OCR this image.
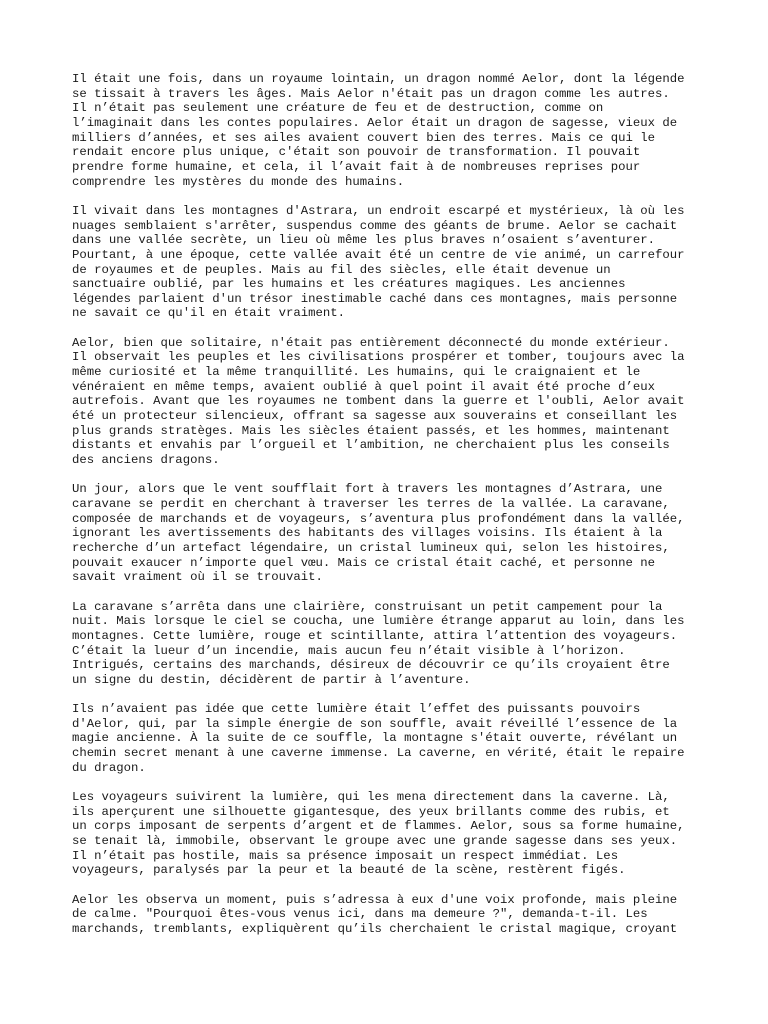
Il était une fois, dans un royaume lointain, un dragon nommé Aelor, dont la légende
se tissait à travers les âges. Mais Aelor n'était pas un dragon comme les autres.
Il n’était pas seulement une créature de feu et de destruction, comme on
l’imaginait dans les contes populaires. Aelor était un dragon de sagesse, vieux de
milliers d’années, et ses ailes avaient couvert bien des terres. Mais ce qui le
rendait encore plus unique, c'était son pouvoir de transformation. Il pouvait
prendre forme humaine, et cela, il l’avait fait à de nombreuses reprises pour
comprendre les mystères du monde des humains.

Il vivait dans les montagnes d'Astrara, un endroit escarpé et mystérieux, là où les
nuages semblaient s'arrêter, suspendus comme des géants de brume. Aelor se cachait
dans une vallée secrète, un lieu où même les plus braves n’osaient s’aventurer.
Pourtant, à une époque, cette vallée avait été un centre de vie animé, un carrefour
de royaumes et de peuples. Mais au fil des siècles, elle était devenue un
sanctuaire oublié, par les humains et les créatures magiques. Les anciennes
légendes parlaient d'un trésor inestimable caché dans ces montagnes, mais personne
ne savait ce qu'il en était vraiment.

Aelor, bien que solitaire, n'était pas entièrement déconnecté du monde extérieur.
Il observait les peuples et les civilisations prospérer et tomber, toujours avec la
même curiosité et la même tranquillité. Les humains, qui le craignaient et le
vénéraient en même temps, avaient oublié à quel point il avait été proche d’eux
autrefois. Avant que les royaumes ne tombent dans la guerre et l'oubli, Aelor avait
été un protecteur silencieux, offrant sa sagesse aux souverains et conseillant les
plus grands stratèges. Mais les siècles étaient passés, et les hommes, maintenant
distants et envahis par l’orgueil et l’ambition, ne cherchaient plus les conseils
des anciens dragons.

Un jour, alors que le vent soufflait fort à travers les montagnes d’Astrara, une
caravane se perdit en cherchant à traverser les terres de la vallée. La caravane,
composée de marchands et de voyageurs, s’aventura plus profondément dans la vallée,
ignorant les avertissements des habitants des villages voisins. Ils étaient à la
recherche d’un artefact légendaire, un cristal lumineux qui, selon les histoires,
pouvait exaucer n’importe quel vœu. Mais ce cristal était caché, et personne ne
savait vraiment où il se trouvait.

La caravane s’arrêta dans une clairière, construisant un petit campement pour la
nuit. Mais lorsque le ciel se coucha, une lumière étrange apparut au loin, dans les
montagnes. Cette lumière, rouge et scintillante, attira l’attention des voyageurs.
C’était la lueur d’un incendie, mais aucun feu n’était visible à l’horizon.
Intrigués, certains des marchands, désireux de découvrir ce qu’ils croyaient être
un signe du destin, décidèrent de partir à l’aventure.

Ils n’avaient pas idée que cette lumière était l’effet des puissants pouvoirs
d'Aelor, qui, par la simple énergie de son souffle, avait réveillé l’essence de la
magie ancienne. À la suite de ce souffle, la montagne s'était ouverte, révélant un
chemin secret menant à une caverne immense. La caverne, en vérité, était le repaire
du dragon.

Les voyageurs suivirent la lumière, qui les mena directement dans la caverne. Là,
ils aperçurent une silhouette gigantesque, des yeux brillants comme des rubis, et
un corps imposant de serpents d’argent et de flammes. Aelor, sous sa forme humaine,
se tenait là, immobile, observant le groupe avec une grande sagesse dans ses yeux.
Il n’était pas hostile, mais sa présence imposait un respect immédiat. Les
voyageurs, paralysés par la peur et la beauté de la scène, restèrent figés.

Aelor les observa un moment, puis s’adressa à eux d'une voix profonde, mais pleine
de calme. "Pourquoi êtes-vous venus ici, dans ma demeure ?", demanda-t-il. Les
marchands, tremblants, expliquèrent qu’ils cherchaient le cristal magique, croyant
